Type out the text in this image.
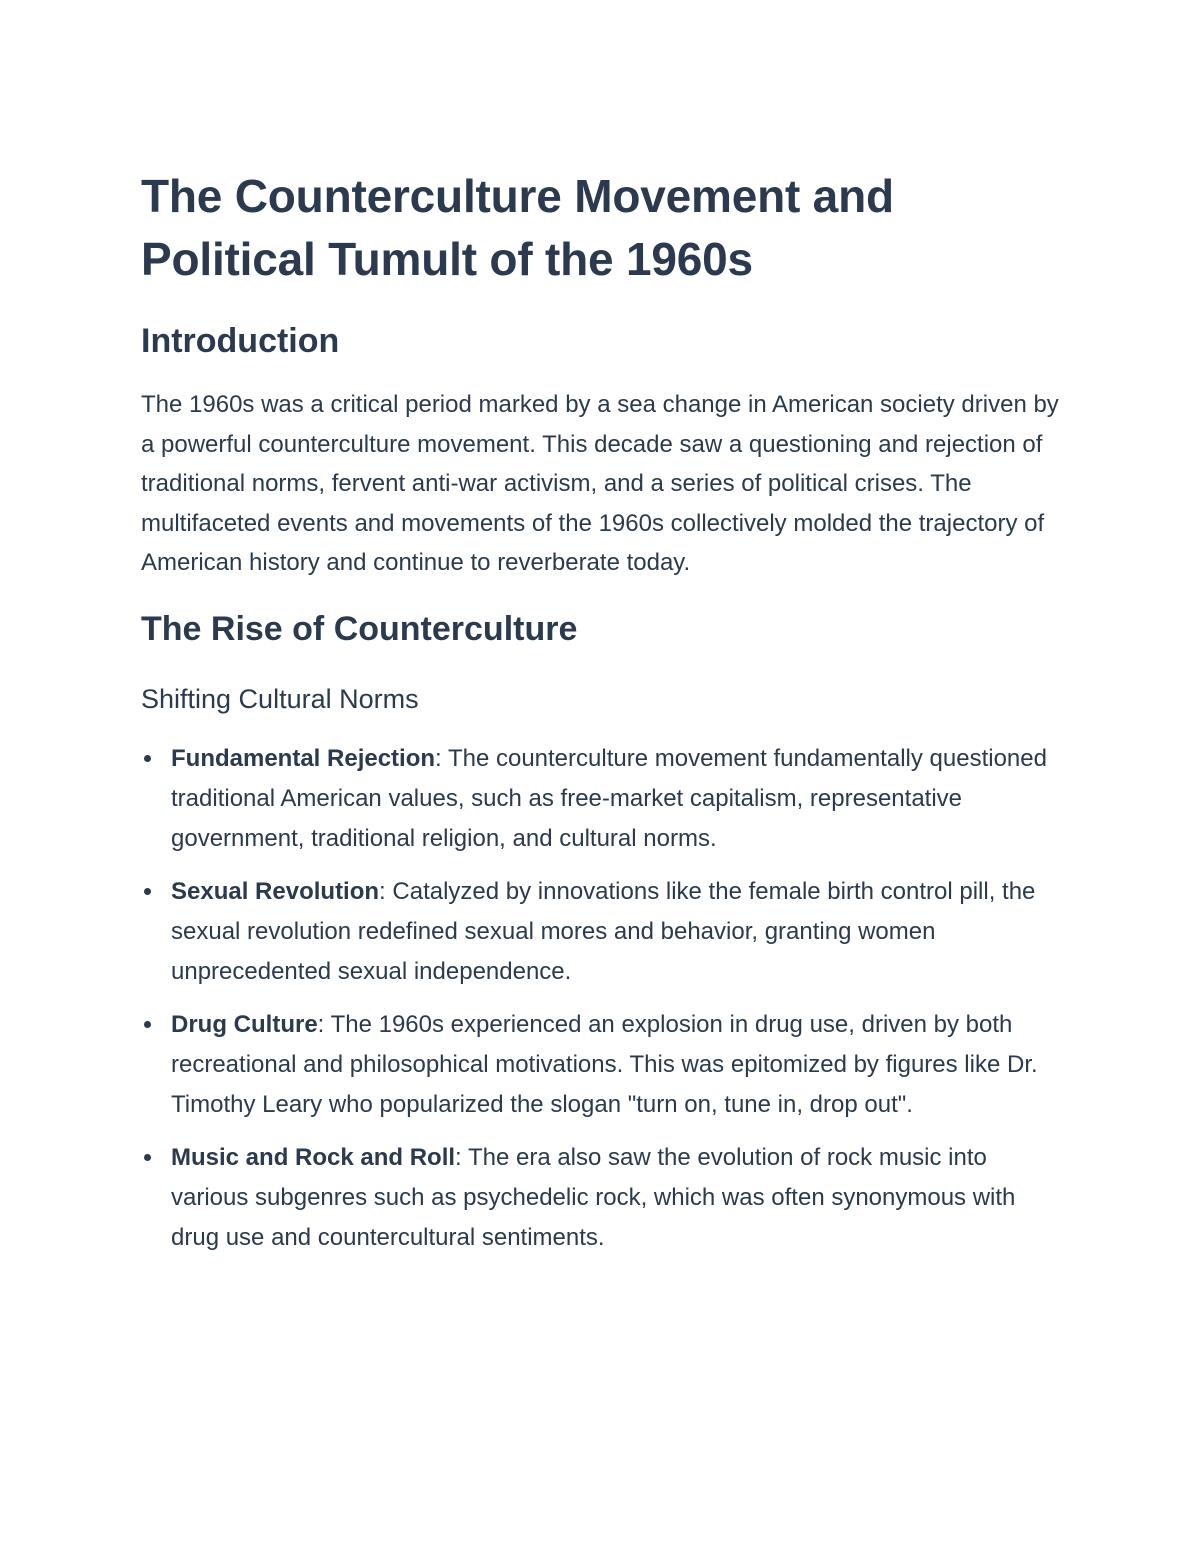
The Counterculture Movement and Political Tumult of the 1960s
Introduction

The 1960s was a critical period marked by a sea change in American society driven by a powerful counterculture movement. This decade saw a questioning and rejection of traditional norms, fervent anti-war activism, and a series of political crises. The multifaceted events and movements of the 1960s collectively molded the trajectory of American history and continue to reverberate today.

The Rise of Counterculture
Shifting Cultural Norms
Fundamental Rejection: The counterculture movement fundamentally questioned traditional American values, such as free-market capitalism, representative government, traditional religion, and cultural norms.
Sexual Revolution: Catalyzed by innovations like the female birth control pill, the sexual revolution redefined sexual mores and behavior, granting women unprecedented sexual independence.
Drug Culture: The 1960s experienced an explosion in drug use, driven by both recreational and philosophical motivations. This was epitomized by figures like Dr. Timothy Leary who popularized the slogan "turn on, tune in, drop out".
Music and Rock and Roll: The era also saw the evolution of rock music into various subgenres such as psychedelic rock, which was often synonymous with drug use and countercultural sentiments.
